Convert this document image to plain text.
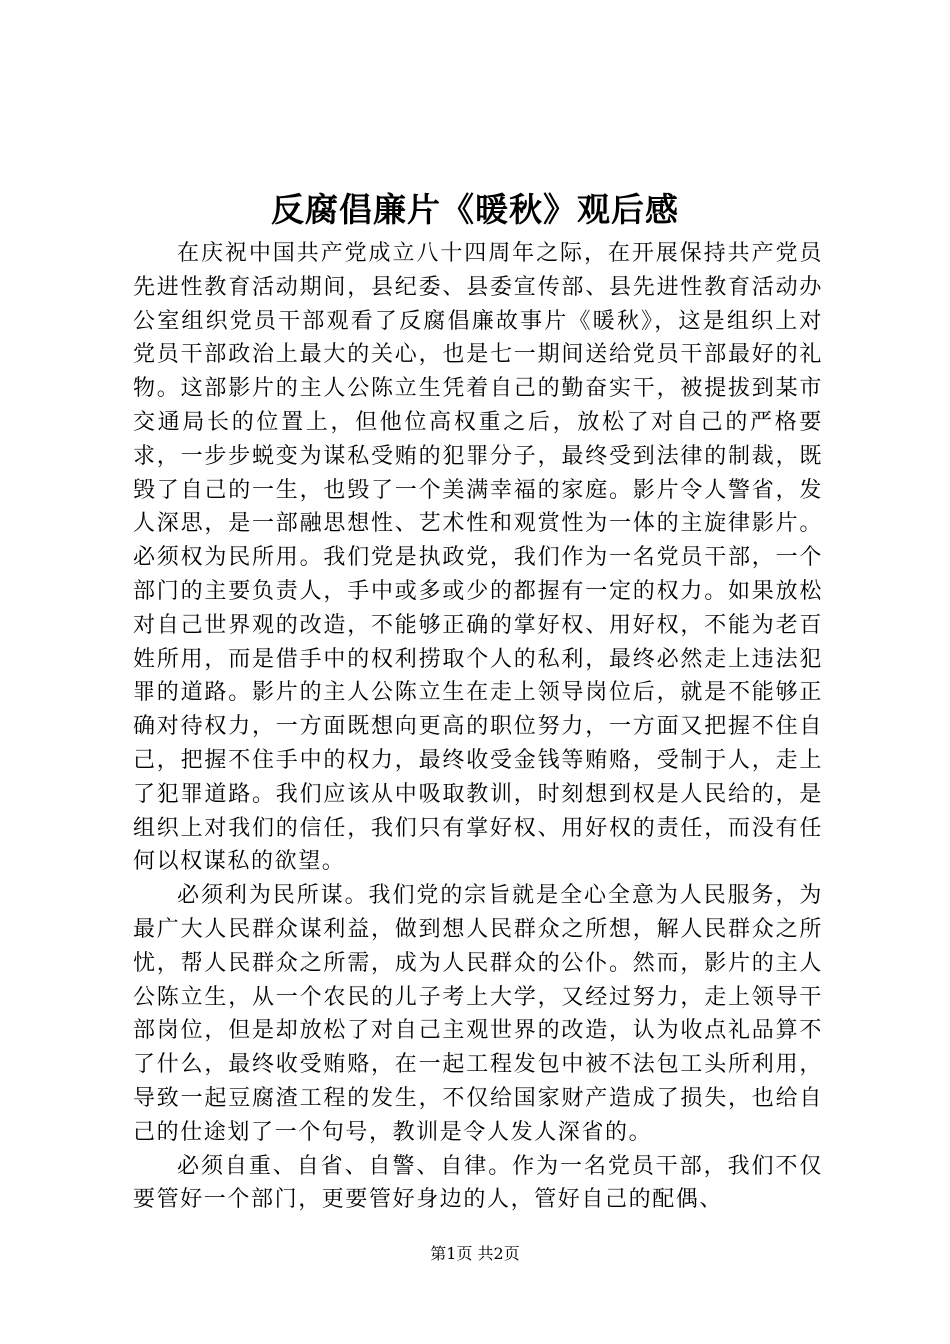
反腐倡廉片《暖秋》观后感

在庆祝中国共产党成立八十四周年之际，在开展保持共产党员先进性教育活动期间，县纪委、县委宣传部、县先进性教育活动办公室组织党员干部观看了反腐倡廉故事片《暖秋》，这是组织上对党员干部政治上最大的关心，也是七一期间送给党员干部最好的礼物。这部影片的主人公陈立生凭着自己的勤奋实干，被提拔到某市交通局长的位置上，但他位高权重之后，放松了对自己的严格要求，一步步蜕变为谋私受贿的犯罪分子，最终受到法律的制裁，既毁了自己的一生，也毁了一个美满幸福的家庭。影片令人警省，发人深思，是一部融思想性、艺术性和观赏性为一体的主旋律影片。必须权为民所用。我们党是执政党，我们作为一名党员干部，一个部门的主要负责人，手中或多或少的都握有一定的权力。如果放松对自己世界观的改造，不能够正确的掌好权、用好权，不能为老百姓所用，而是借手中的权利捞取个人的私利，最终必然走上违法犯罪的道路。影片的主人公陈立生在走上领导岗位后，就是不能够正确对待权力，一方面既想向更高的职位努力，一方面又把握不住自己，把握不住手中的权力，最终收受金钱等贿赂，受制于人，走上了犯罪道路。我们应该从中吸取教训，时刻想到权是人民给的，是组织上对我们的信任，我们只有掌好权、用好权的责任，而没有任何以权谋私的欲望。

必须利为民所谋。我们党的宗旨就是全心全意为人民服务，为最广大人民群众谋利益，做到想人民群众之所想，解人民群众之所忧，帮人民群众之所需，成为人民群众的公仆。然而，影片的主人公陈立生，从一个农民的儿子考上大学，又经过努力，走上领导干部岗位，但是却放松了对自己主观世界的改造，认为收点礼品算不了什么，最终收受贿赂，在一起工程发包中被不法包工头所利用，导致一起豆腐渣工程的发生，不仅给国家财产造成了损失，也给自己的仕途划了一个句号，教训是令人发人深省的。

必须自重、自省、自警、自律。作为一名党员干部，我们不仅要管好一个部门，更要管好身边的人，管好自己的配偶、

第1页 共2页
